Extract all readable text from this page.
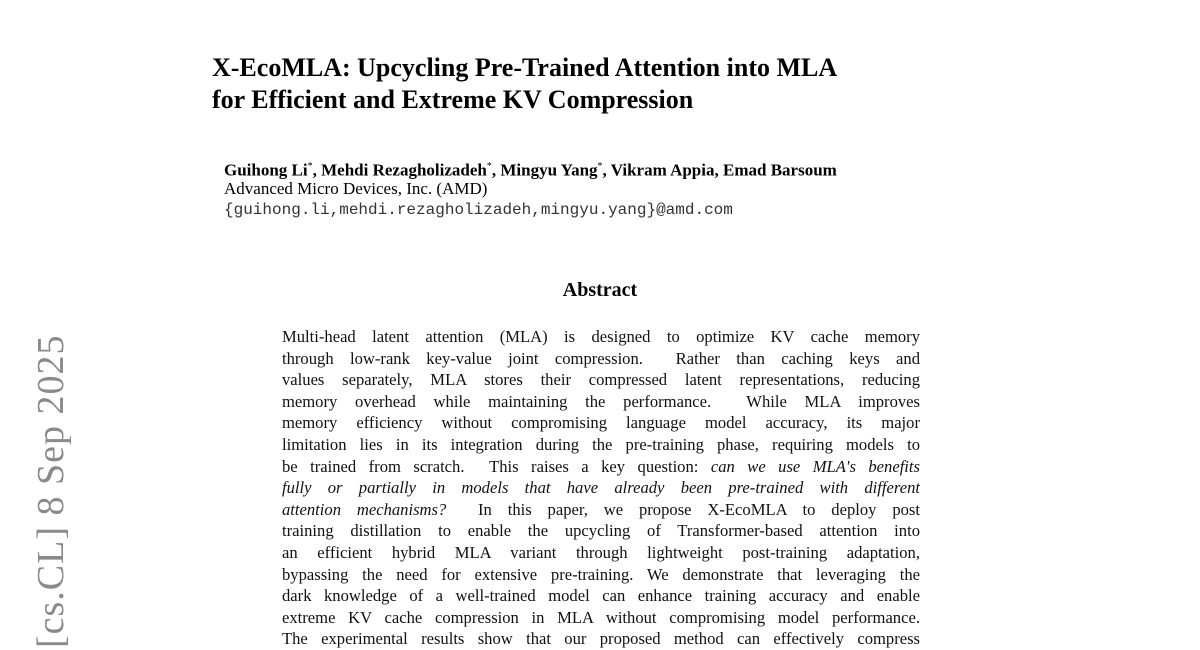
X-EcoMLA: Upcycling Pre-Trained Attention into MLA
for Efficient and Extreme KV Compression
Guihong Li*, Mehdi Rezagholizadeh*, Mingyu Yang*, Vikram Appia, Emad Barsoum
Advanced Micro Devices, Inc. (AMD)
{guihong.li,mehdi.rezagholizadeh,mingyu.yang}@amd.com
Abstract
Multi-head latent attention (MLA) is designed to optimize KV cache memory
through low-rank key-value joint compression.  Rather than caching keys and
values separately, MLA stores their compressed latent representations, reducing
memory overhead while maintaining the performance.  While MLA improves
memory efficiency without compromising language model accuracy, its major
limitation lies in its integration during the pre-training phase, requiring models to
be trained from scratch.  This raises a key question: can we use MLA's benefits
fully or partially in models that have already been pre-trained with different
attention mechanisms?  In this paper, we propose X-EcoMLA to deploy post
training distillation to enable the upcycling of Transformer-based attention into
an efficient hybrid MLA variant through lightweight post-training adaptation,
bypassing the need for extensive pre-training. We demonstrate that leveraging the
dark knowledge of a well-trained model can enhance training accuracy and enable
extreme KV cache compression in MLA without compromising model performance.
The experimental results show that our proposed method can effectively compress
[cs.CL] 8 Sep 2025
